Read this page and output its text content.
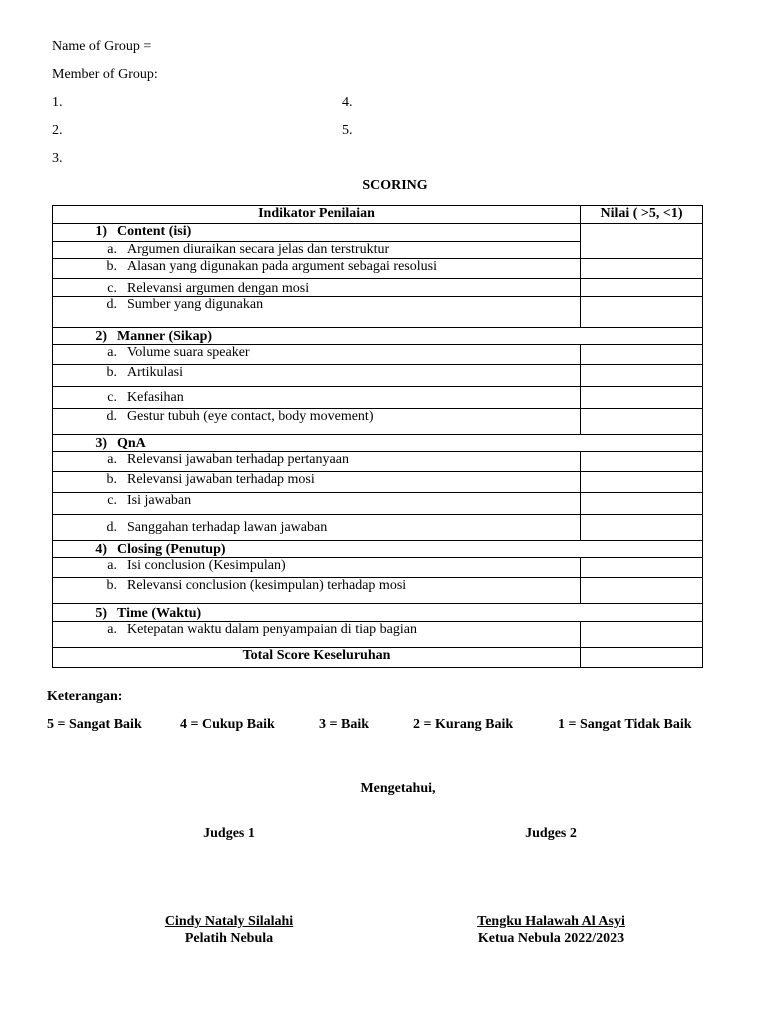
Name of Group =
Member of Group:
1.
2.
3.
4.
5.
SCORING
Indikator Penilaian	Nilai ( >5, <1)
1) Content (isi)	
a. Argumen diuraikan secara jelas dan terstruktur	
b. Alasan yang digunakan pada argument sebagai resolusi	
c. Relevansi argumen dengan mosi	
d. Sumber yang digunakan	
2) Manner (Sikap)	
a. Volume suara speaker	
b. Artikulasi	
c. Kefasihan	
d. Gestur tubuh (eye contact, body movement)	
3) QnA	
a. Relevansi jawaban terhadap pertanyaan	
b. Relevansi jawaban terhadap mosi	
c. Isi jawaban	
d. Sanggahan terhadap lawan jawaban	
4) Closing (Penutup)	
a. Isi conclusion (Kesimpulan)	
b. Relevansi conclusion (kesimpulan) terhadap mosi	
5) Time (Waktu)	
a. Ketepatan waktu dalam penyampaian di tiap bagian	
Total Score Keseluruhan	
Keterangan:
5 = Sangat Baik	4 = Cukup Baik	3 = Baik	2 = Kurang Baik	1 = Sangat Tidak Baik
Mengetahui,
Judges 1	Judges 2
Cindy Nataly Silalahi
Pelatih Nebula
Tengku Halawah Al Asyi
Ketua Nebula 2022/2023
